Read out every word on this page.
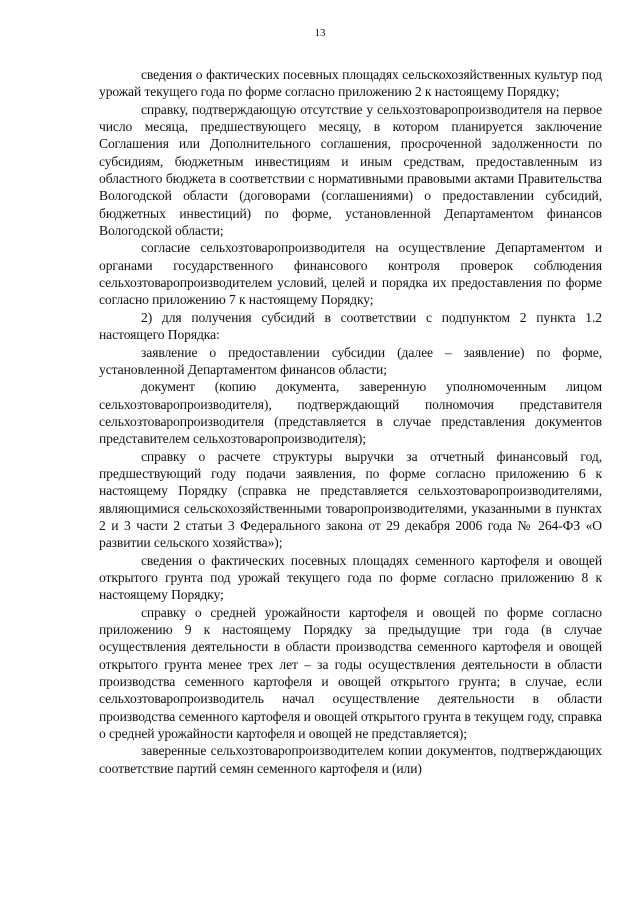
13

сведения о фактических посевных площадях сельскохозяйственных культур под урожай текущего года по форме согласно приложению 2 к настоящему Порядку;

справку, подтверждающую отсутствие у сельхозтоваропроизводителя на первое число месяца, предшествующего месяцу, в котором планируется заключение Соглашения или Дополнительного соглашения, просроченной задолженности по субсидиям, бюджетным инвестициям и иным средствам, предоставленным из областного бюджета в соответствии с нормативными правовыми актами Правительства Вологодской области (договорами (соглашениями) о предоставлении субсидий, бюджетных инвестиций) по форме, установленной Департаментом финансов Вологодской области;

согласие сельхозтоваропроизводителя на осуществление Департаментом и органами государственного финансового контроля проверок соблюдения сельхозтоваропроизводителем условий, целей и порядка их предоставления по форме согласно приложению 7 к настоящему Порядку;

2) для получения субсидий в соответствии с подпунктом 2 пункта 1.2 настоящего Порядка:

заявление о предоставлении субсидии (далее – заявление) по форме, установленной Департаментом финансов области;

документ (копию документа, заверенную уполномоченным лицом сельхозтоваропроизводителя), подтверждающий полномочия представителя сельхозтоваропроизводителя (представляется в случае представления документов представителем сельхозтоваропроизводителя);

справку о расчете структуры выручки за отчетный финансовый год, предшествующий году подачи заявления, по форме согласно приложению 6 к настоящему Порядку (справка не представляется сельхозтоваропроизводителями, являющимися сельскохозяйственными товаропроизводителями, указанными в пунктах 2 и 3 части 2 статьи 3 Федерального закона от 29 декабря 2006 года № 264-ФЗ «О развитии сельского хозяйства»);

сведения о фактических посевных площадях семенного картофеля и овощей открытого грунта под урожай текущего года по форме согласно приложению 8 к настоящему Порядку;

справку о средней урожайности картофеля и овощей по форме согласно приложению 9 к настоящему Порядку за предыдущие три года (в случае осуществления деятельности в области производства семенного картофеля и овощей открытого грунта менее трех лет – за годы осуществления деятельности в области производства семенного картофеля и овощей открытого грунта; в случае, если сельхозтоваропроизводитель начал осуществление деятельности в области производства семенного картофеля и овощей открытого грунта в текущем году, справка о средней урожайности картофеля и овощей не представляется);

заверенные сельхозтоваропроизводителем копии документов, подтверждающих соответствие партий семян семенного картофеля и (или)
